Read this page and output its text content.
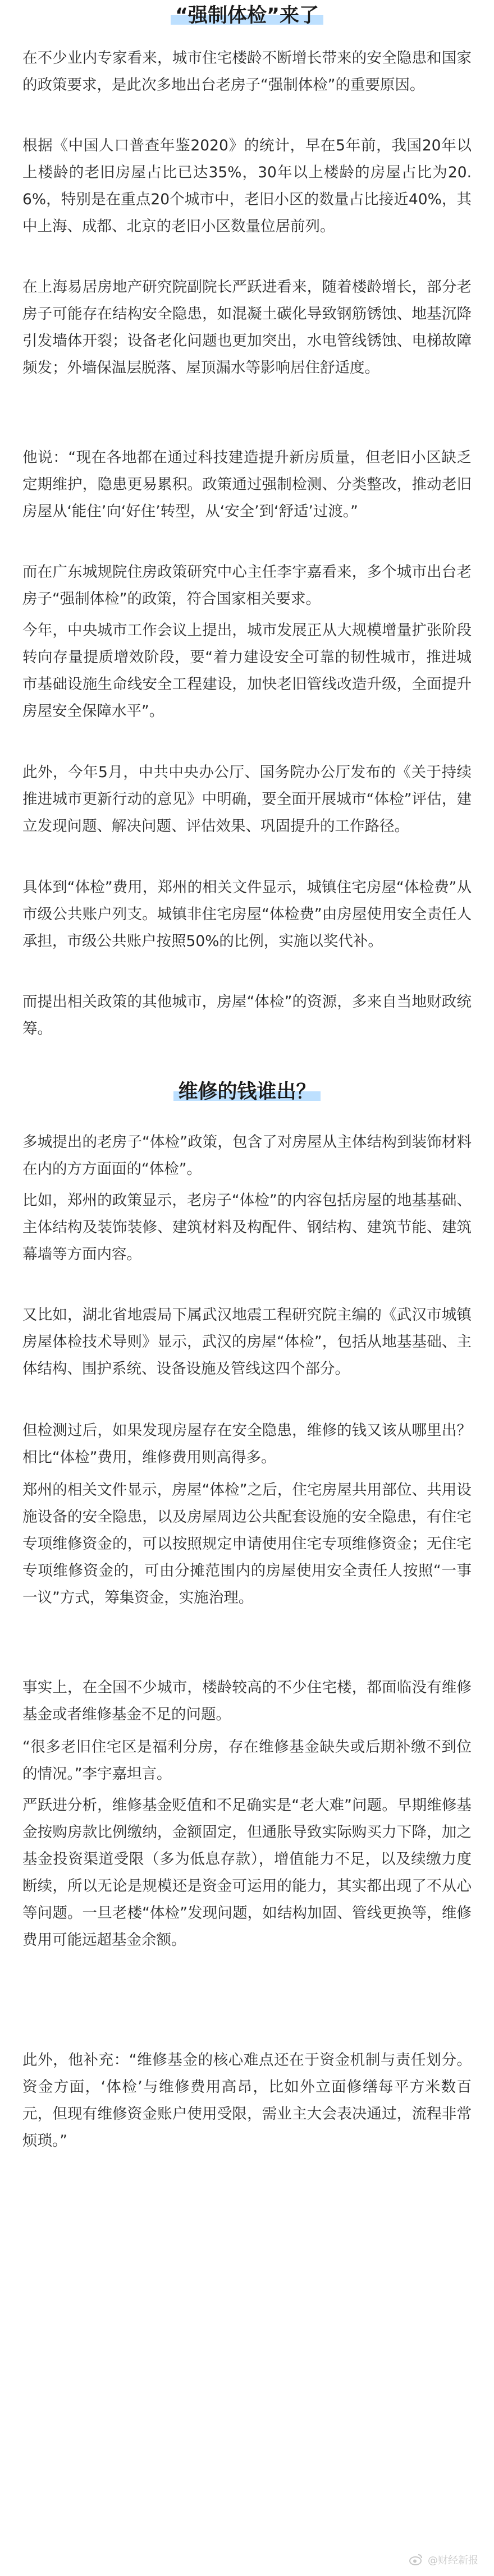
“强制体检”来了
在不少业内专家看来，城市住宅楼龄不断增长带来的安全隐患和国家的政策要求，是此次多地出台老房子“强制体检”的重要原因。
根据《中国人口普查年鉴2020》的统计，早在5年前，我国20年以上楼龄的老旧房屋占比已达35%，30年以上楼龄的房屋占比为20.6%，特别是在重点20个城市中，老旧小区的数量占比接近40%，其中上海、成都、北京的老旧小区数量位居前列。
在上海易居房地产研究院副院长严跃进看来，随着楼龄增长，部分老房子可能存在结构安全隐患，如混凝土碳化导致钢筋锈蚀、地基沉降引发墙体开裂；设备老化问题也更加突出，水电管线锈蚀、电梯故障频发；外墙保温层脱落、屋顶漏水等影响居住舒适度。
他说：“现在各地都在通过科技建造提升新房质量，但老旧小区缺乏定期维护，隐患更易累积。政策通过强制检测、分类整改，推动老旧房屋从‘能住’向‘好住’转型，从‘安全’到‘舒适’过渡。”
而在广东城规院住房政策研究中心主任李宇嘉看来，多个城市出台老房子“强制体检”的政策，符合国家相关要求。
今年，中央城市工作会议上提出，城市发展正从大规模增量扩张阶段转向存量提质增效阶段，要“着力建设安全可靠的韧性城市，推进城市基础设施生命线安全工程建设，加快老旧管线改造升级，全面提升房屋安全保障水平”。
此外，今年5月，中共中央办公厅、国务院办公厅发布的《关于持续推进城市更新行动的意见》中明确，要全面开展城市“体检”评估，建立发现问题、解决问题、评估效果、巩固提升的工作路径。
具体到“体检”费用，郑州的相关文件显示，城镇住宅房屋“体检费”从市级公共账户列支。城镇非住宅房屋“体检费”由房屋使用安全责任人承担，市级公共账户按照50%的比例，实施以奖代补。
而提出相关政策的其他城市，房屋“体检”的资源，多来自当地财政统筹。
维修的钱谁出？
多城提出的老房子“体检”政策，包含了对房屋从主体结构到装饰材料在内的方方面面的“体检”。
比如，郑州的政策显示，老房子“体检”的内容包括房屋的地基基础、主体结构及装饰装修、建筑材料及构配件、钢结构、建筑节能、建筑幕墙等方面内容。
又比如，湖北省地震局下属武汉地震工程研究院主编的《武汉市城镇房屋体检技术导则》显示，武汉的房屋“体检”，包括从地基基础、主体结构、围护系统、设备设施及管线这四个部分。
但检测过后，如果发现房屋存在安全隐患，维修的钱又该从哪里出？相比“体检”费用，维修费用则高得多。
郑州的相关文件显示，房屋“体检”之后，住宅房屋共用部位、共用设施设备的安全隐患，以及房屋周边公共配套设施的安全隐患，有住宅专项维修资金的，可以按照规定申请使用住宅专项维修资金；无住宅专项维修资金的，可由分摊范围内的房屋使用安全责任人按照“一事一议”方式，筹集资金，实施治理。
事实上，在全国不少城市，楼龄较高的不少住宅楼，都面临没有维修基金或者维修基金不足的问题。
“很多老旧住宅区是福利分房，存在维修基金缺失或后期补缴不到位的情况。”李宇嘉坦言。
严跃进分析，维修基金贬值和不足确实是“老大难”问题。早期维修基金按购房款比例缴纳，金额固定，但通胀导致实际购买力下降，加之基金投资渠道受限（多为低息存款），增值能力不足，以及续缴力度断续，所以无论是规模还是资金可运用的能力，其实都出现了不从心等问题。一旦老楼“体检”发现问题，如结构加固、管线更换等，维修费用可能远超基金余额。
此外，他补充：“维修基金的核心难点还在于资金机制与责任划分。资金方面，‘体检’与维修费用高昂，比如外立面修缮每平方米数百元，但现有维修资金账户使用受限，需业主大会表决通过，流程非常烦琐。”
@财经新报
